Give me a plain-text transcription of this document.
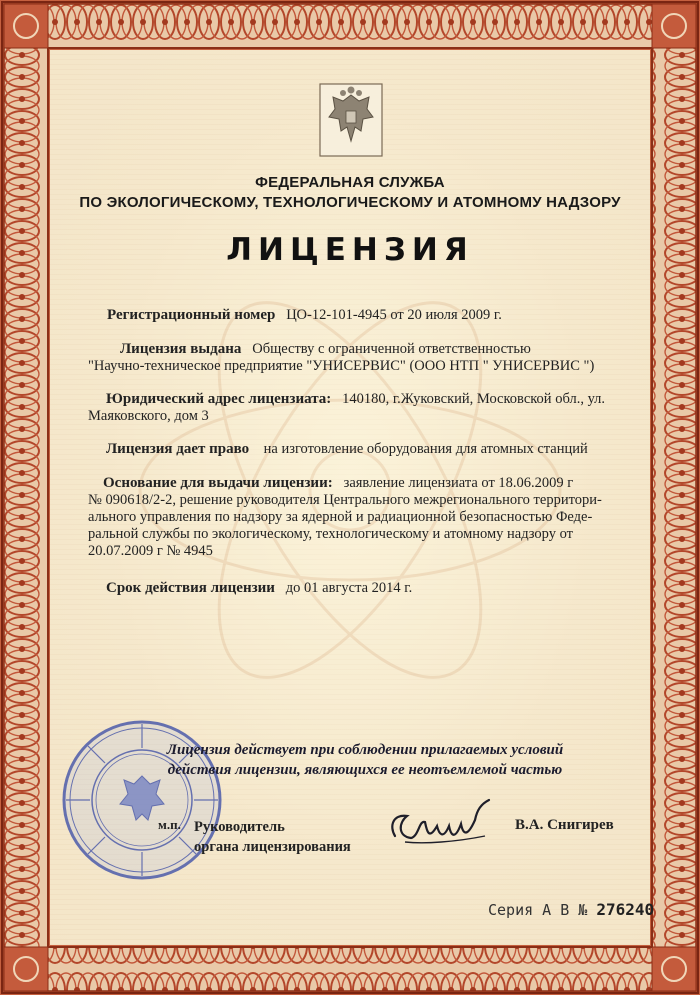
ФЕДЕРАЛЬНАЯ СЛУЖБА
ПО ЭКОЛОГИЧЕСКОМУ, ТЕХНОЛОГИЧЕСКОМУ И АТОМНОМУ НАДЗОРУ
ЛИЦЕНЗИЯ
Регистрационный номер ЦО-12-101-4945 от 20 июля 2009 г.
Лицензия выдана Обществу с ограниченной ответственностью
"Научно-техническое предприятие "УНИСЕРВИС" (ООО НТП " УНИСЕРВИС ")
Юридический адрес лицензиата: 140180, г.Жуковский, Московской обл., ул.
Маяковского, дом 3
Лицензия дает право на изготовление оборудования для атомных станций
Основание для выдачи лицензии: заявление лицензиата от 18.06.2009 г
№ 090618/2-2, решение руководителя Центрального межрегионального территори-
ального управления по надзору за ядерной и радиационной безопасностью Феде-
ральной службы по экологическому, технологическому и атомному надзору от
20.07.2009 г № 4945
Срок действия лицензии до 01 августа 2014 г.
Лицензия действует при соблюдении прилагаемых условий
действия лицензии, являющихся ее неотъемлемой частью
м.п. Руководитель
органа лицензирования
В.А. Снигирев
Серия А В № 276240
